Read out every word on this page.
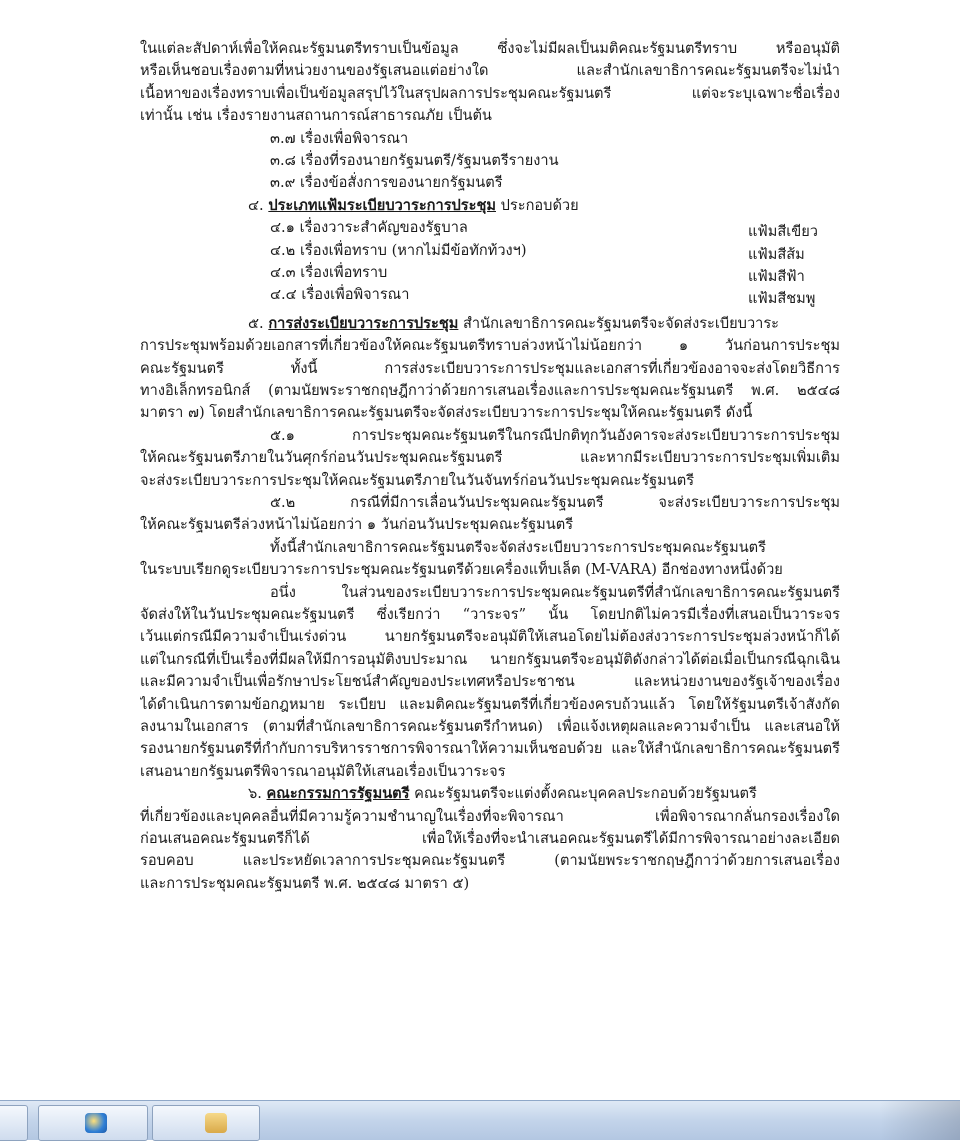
ในแต่ละสัปดาห์เพื่อให้คณะรัฐมนตรีทราบเป็นข้อมูล ซึ่งจะไม่มีผลเป็นมติคณะรัฐมนตรีทราบ หรืออนุมัติ
หรือเห็นชอบเรื่องตามที่หน่วยงานของรัฐเสนอแต่อย่างใด และสำนักเลขาธิการคณะรัฐมนตรีจะไม่นำ
เนื้อหาของเรื่องทราบเพื่อเป็นข้อมูลสรุปไว้ในสรุปผลการประชุมคณะรัฐมนตรี แต่จะระบุเฉพาะชื่อเรื่อง
เท่านั้น เช่น เรื่องรายงานสถานการณ์สาธารณภัย เป็นต้น
๓.๗ เรื่องเพื่อพิจารณา
๓.๘ เรื่องที่รองนายกรัฐมนตรี/รัฐมนตรีรายงาน
๓.๙ เรื่องข้อสั่งการของนายกรัฐมนตรี
๔. ประเภทแฟ้มระเบียบวาระการประชุม ประกอบด้วย
๔.๑ เรื่องวาระสำคัญของรัฐบาล	แฟ้มสีเขียว
๔.๒ เรื่องเพื่อทราบ (หากไม่มีข้อทักท้วงฯ)	แฟ้มสีส้ม
๔.๓ เรื่องเพื่อทราบ	แฟ้มสีฟ้า
๔.๔ เรื่องเพื่อพิจารณา	แฟ้มสีชมพู
๕. การส่งระเบียบวาระการประชุม สำนักเลขาธิการคณะรัฐมนตรีจะจัดส่งระเบียบวาระ
การประชุมพร้อมด้วยเอกสารที่เกี่ยวข้องให้คณะรัฐมนตรีทราบล่วงหน้าไม่น้อยกว่า ๑ วันก่อนการประชุม
คณะรัฐมนตรี ทั้งนี้ การส่งระเบียบวาระการประชุมและเอกสารที่เกี่ยวข้องอาจจะส่งโดยวิธีการ
ทางอิเล็กทรอนิกส์ (ตามนัยพระราชกฤษฎีกาว่าด้วยการเสนอเรื่องและการประชุมคณะรัฐมนตรี พ.ศ. ๒๕๔๘
มาตรา ๗) โดยสำนักเลขาธิการคณะรัฐมนตรีจะจัดส่งระเบียบวาระการประชุมให้คณะรัฐมนตรี ดังนี้
๕.๑ การประชุมคณะรัฐมนตรีในกรณีปกติทุกวันอังคารจะส่งระเบียบวาระการประชุม
ให้คณะรัฐมนตรีภายในวันศุกร์ก่อนวันประชุมคณะรัฐมนตรี และหากมีระเบียบวาระการประชุมเพิ่มเติม
จะส่งระเบียบวาระการประชุมให้คณะรัฐมนตรีภายในวันจันทร์ก่อนวันประชุมคณะรัฐมนตรี
๕.๒ กรณีที่มีการเลื่อนวันประชุมคณะรัฐมนตรี จะส่งระเบียบวาระการประชุม
ให้คณะรัฐมนตรีล่วงหน้าไม่น้อยกว่า ๑ วันก่อนวันประชุมคณะรัฐมนตรี
ทั้งนี้สำนักเลขาธิการคณะรัฐมนตรีจะจัดส่งระเบียบวาระการประชุมคณะรัฐมนตรี
ในระบบเรียกดูระเบียบวาระการประชุมคณะรัฐมนตรีด้วยเครื่องแท็บเล็ต (M-VARA) อีกช่องทางหนึ่งด้วย
อนึ่ง ในส่วนของระเบียบวาระการประชุมคณะรัฐมนตรีที่สำนักเลขาธิการคณะรัฐมนตรี
จัดส่งให้ในวันประชุมคณะรัฐมนตรี ซึ่งเรียกว่า “วาระจร” นั้น โดยปกติไม่ควรมีเรื่องที่เสนอเป็นวาระจร
เว้นแต่กรณีมีความจำเป็นเร่งด่วน นายกรัฐมนตรีจะอนุมัติให้เสนอโดยไม่ต้องส่งวาระการประชุมล่วงหน้าก็ได้
แต่ในกรณีที่เป็นเรื่องที่มีผลให้มีการอนุมัติงบประมาณ นายกรัฐมนตรีจะอนุมัติดังกล่าวได้ต่อเมื่อเป็นกรณีฉุกเฉิน
และมีความจำเป็นเพื่อรักษาประโยชน์สำคัญของประเทศหรือประชาชน และหน่วยงานของรัฐเจ้าของเรื่อง
ได้ดำเนินการตามข้อกฎหมาย ระเบียบ และมติคณะรัฐมนตรีที่เกี่ยวข้องครบถ้วนแล้ว โดยให้รัฐมนตรีเจ้าสังกัด
ลงนามในเอกสาร (ตามที่สำนักเลขาธิการคณะรัฐมนตรีกำหนด) เพื่อแจ้งเหตุผลและความจำเป็น และเสนอให้
รองนายกรัฐมนตรีที่กำกับการบริหารราชการพิจารณาให้ความเห็นชอบด้วย และให้สำนักเลขาธิการคณะรัฐมนตรี
เสนอนายกรัฐมนตรีพิจารณาอนุมัติให้เสนอเรื่องเป็นวาระจร
๖. คณะกรรมการรัฐมนตรี คณะรัฐมนตรีจะแต่งตั้งคณะบุคคลประกอบด้วยรัฐมนตรี
ที่เกี่ยวข้องและบุคคลอื่นที่มีความรู้ความชำนาญในเรื่องที่จะพิจารณา เพื่อพิจารณากลั่นกรองเรื่องใด
ก่อนเสนอคณะรัฐมนตรีก็ได้ เพื่อให้เรื่องที่จะนำเสนอคณะรัฐมนตรีได้มีการพิจารณาอย่างละเอียด
รอบคอบ และประหยัดเวลาการประชุมคณะรัฐมนตรี (ตามนัยพระราชกฤษฎีกาว่าด้วยการเสนอเรื่อง
และการประชุมคณะรัฐมนตรี พ.ศ. ๒๕๔๘ มาตรา ๕)
